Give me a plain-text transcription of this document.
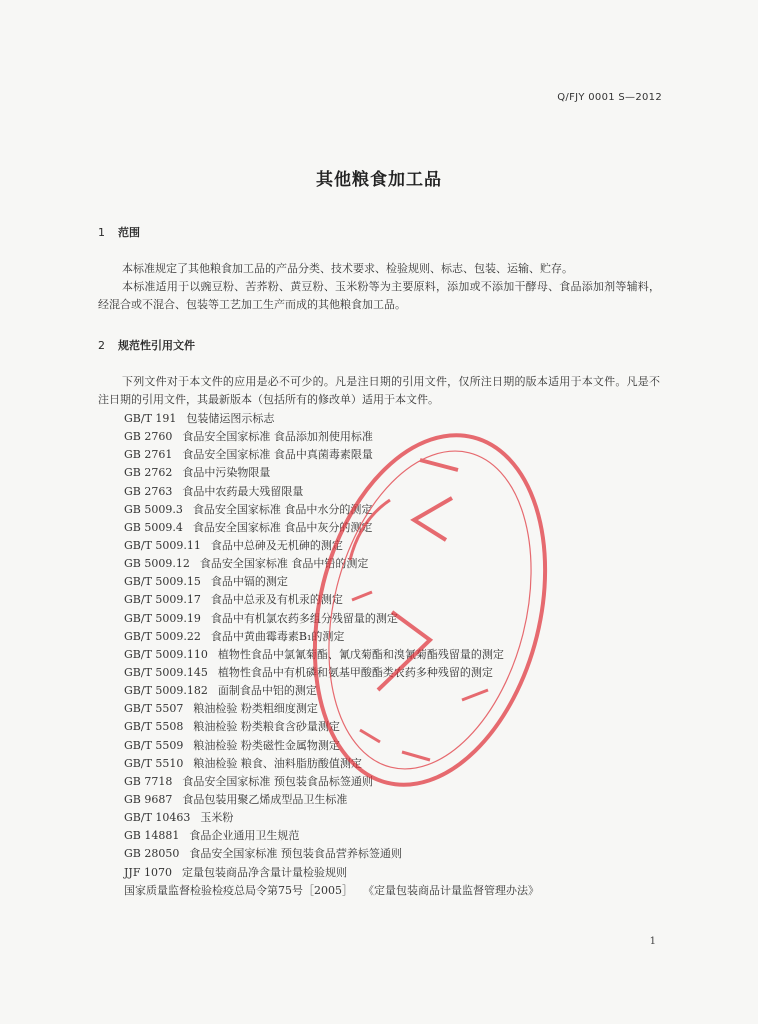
Q/FJY 0001 S—2012
其他粮食加工品
1 范围
本标准规定了其他粮食加工品的产品分类、技术要求、检验规则、标志、包装、运输、贮存。
本标准适用于以豌豆粉、苦荞粉、黄豆粉、玉米粉等为主要原料，添加或不添加干酵母、食品添加剂等辅料，经混合或不混合、包装等工艺加工生产而成的其他粮食加工品。
2 规范性引用文件
下列文件对于本文件的应用是必不可少的。凡是注日期的引用文件，仅所注日期的版本适用于本文件。凡是不注日期的引用文件，其最新版本（包括所有的修改单）适用于本文件。
GB/T 191 包装储运图示标志
GB 2760 食品安全国家标准 食品添加剂使用标准
GB 2761 食品安全国家标准 食品中真菌毒素限量
GB 2762 食品中污染物限量
GB 2763 食品中农药最大残留限量
GB 5009.3 食品安全国家标准 食品中水分的测定
GB 5009.4 食品安全国家标准 食品中灰分的测定
GB/T 5009.11 食品中总砷及无机砷的测定
GB 5009.12 食品安全国家标准 食品中铅的测定
GB/T 5009.15 食品中镉的测定
GB/T 5009.17 食品中总汞及有机汞的测定
GB/T 5009.19 食品中有机氯农药多组分残留量的测定
GB/T 5009.22 食品中黄曲霉毒素B₁的测定
GB/T 5009.110 植物性食品中氯氰菊酯、氰戊菊酯和溴氰菊酯残留量的测定
GB/T 5009.145 植物性食品中有机磷和氨基甲酸酯类农药多种残留的测定
GB/T 5009.182 面制食品中铝的测定
GB/T 5507 粮油检验 粉类粗细度测定
GB/T 5508 粮油检验 粉类粮食含砂量测定
GB/T 5509 粮油检验 粉类磁性金属物测定
GB/T 5510 粮油检验 粮食、油料脂肪酸值测定
GB 7718 食品安全国家标准 预包装食品标签通则
GB 9687 食品包装用聚乙烯成型品卫生标准
GB/T 10463 玉米粉
GB 14881 食品企业通用卫生规范
GB 28050 食品安全国家标准 预包装食品营养标签通则
JJF 1070 定量包装商品净含量计量检验规则
国家质量监督检验检疫总局令第75号［2005］ 《定量包装商品计量监督管理办法》
1
